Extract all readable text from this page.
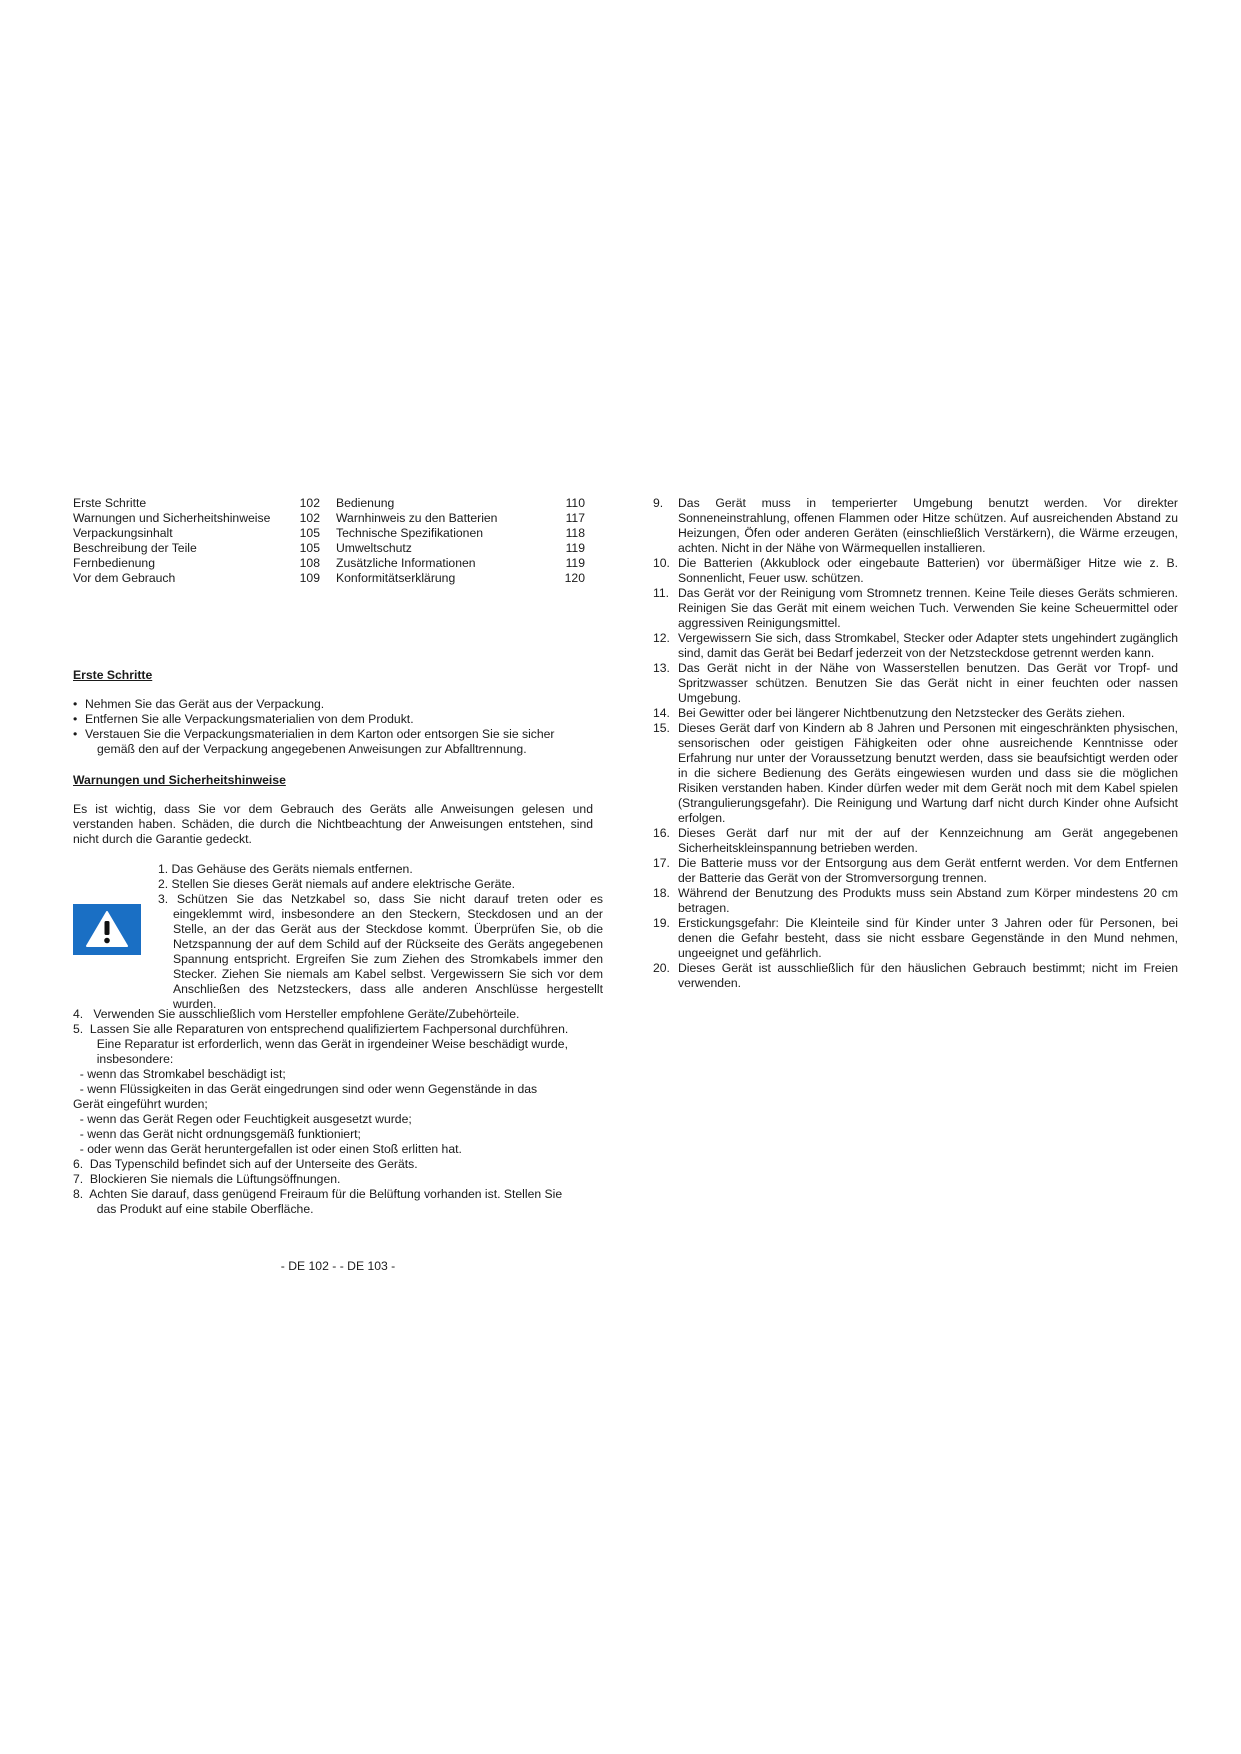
Erste Schritte	102 Bedienung	110
Warnungen und Sicherheitshinweise 102 Warnhinweis zu den Batterien	117
Verpackungsinhalt	105 Technische Spezifikationen	118
Beschreibung der Teile	105 Umweltschutz	119
Fernbedienung	108 Zusätzliche Informationen	119
Vor dem Gebrauch	109 Konformitätserklärung	120
Erste Schritte
• Nehmen Sie das Gerät aus der Verpackung.
• Entfernen Sie alle Verpackungsmaterialien von dem Produkt.
• Verstauen Sie die Verpackungsmaterialien in dem Karton oder entsorgen Sie sie sicher
gemäß den auf der Verpackung angegebenen Anweisungen zur Abfalltrennung.
Warnungen und Sicherheitshinweise

Es ist wichtig, dass Sie vor dem Gebrauch des Geräts alle Anweisungen gelesen und verstanden haben. Schäden, die durch die Nichtbeachtung der Anweisungen entstehen, sind nicht durch die Garantie gedeckt.

1. Das Gehäuse des Geräts niemals entfernen.

2. Stellen Sie dieses Gerät niemals auf andere elektrische Geräte.

3. Schützen Sie das Netzkabel so, dass Sie nicht darauf treten oder es eingeklemmt wird, insbesondere an den Steckern, Steckdosen und an der Stelle, an der das Gerät aus der Steckdose kommt. Überprüfen Sie, ob die Netzspannung der auf dem Schild auf der Rückseite des Geräts angegebenen Spannung entspricht. Ergreifen Sie zum Ziehen des Stromkabels immer den Stecker. Ziehen Sie niemals am Kabel selbst. Vergewissern Sie sich vor dem Anschließen des Netzsteckers, dass alle anderen Anschlüsse hergestellt wurden.

4.   Verwenden Sie ausschließlich vom Hersteller empfohlene Geräte/Zubehörteile.

5.  Lassen Sie alle Reparaturen von entsprechend qualifiziertem Fachpersonal durchführen.

Eine Reparatur ist erforderlich, wenn das Gerät in irgendeiner Weise beschädigt wurde,

insbesondere:

- wenn das Stromkabel beschädigt ist;

- wenn Flüssigkeiten in das Gerät eingedrungen sind oder wenn Gegenstände in das

Gerät eingeführt wurden;

- wenn das Gerät Regen oder Feuchtigkeit ausgesetzt wurde;

- wenn das Gerät nicht ordnungsgemäß funktioniert;

- oder wenn das Gerät heruntergefallen ist oder einen Stoß erlitten hat.

6.  Das Typenschild befindet sich auf der Unterseite des Geräts.

7.  Blockieren Sie niemals die Lüftungsöffnungen.

8.  Achten Sie darauf, dass genügend Freiraum für die Belüftung vorhanden ist. Stellen Sie

das Produkt auf eine stabile Oberfläche.

- DE 102 - - DE 103 -
9. Das Gerät muss in temperierter Umgebung benutzt werden. Vor direkter Sonneneinstrahlung, offenen Flammen oder Hitze schützen. Auf ausreichenden Abstand zu Heizungen, Öfen oder anderen Geräten (einschließlich Verstärkern), die Wärme erzeugen, achten. Nicht in der Nähe von Wärmequellen installieren.

10. Die Batterien (Akkublock oder eingebaute Batterien) vor übermäßiger Hitze wie z. B. Sonnenlicht, Feuer usw. schützen.

11. Das Gerät vor der Reinigung vom Stromnetz trennen. Keine Teile dieses Geräts schmieren. Reinigen Sie das Gerät mit einem weichen Tuch. Verwenden Sie keine Scheuermittel oder aggressiven Reinigungsmittel.

12. Vergewissern Sie sich, dass Stromkabel, Stecker oder Adapter stets ungehindert zugänglich sind, damit das Gerät bei Bedarf jederzeit von der Netzsteckdose getrennt werden kann.

13. Das Gerät nicht in der Nähe von Wasserstellen benutzen. Das Gerät vor Tropf- und Spritzwasser schützen. Benutzen Sie das Gerät nicht in einer feuchten oder nassen Umgebung.

14. Bei Gewitter oder bei längerer Nichtbenutzung den Netzstecker des Geräts ziehen.

15. Dieses Gerät darf von Kindern ab 8 Jahren und Personen mit eingeschränkten physischen, sensorischen oder geistigen Fähigkeiten oder ohne ausreichende Kenntnisse oder Erfahrung nur unter der Voraussetzung benutzt werden, dass sie beaufsichtigt werden oder in die sichere Bedienung des Geräts eingewiesen wurden und dass sie die möglichen Risiken verstanden haben. Kinder dürfen weder mit dem Gerät noch mit dem Kabel spielen (Strangulierungsgefahr). Die Reinigung und Wartung darf nicht durch Kinder ohne Aufsicht erfolgen.

16. Dieses Gerät darf nur mit der auf der Kennzeichnung am Gerät angegebenen Sicherheitskleinspannung betrieben werden.

17. Die Batterie muss vor der Entsorgung aus dem Gerät entfernt werden. Vor dem Entfernen der Batterie das Gerät von der Stromversorgung trennen.

18. Während der Benutzung des Produkts muss sein Abstand zum Körper mindestens 20 cm betragen.

19. Erstickungsgefahr: Die Kleinteile sind für Kinder unter 3 Jahren oder für Personen, bei denen die Gefahr besteht, dass sie nicht essbare Gegenstände in den Mund nehmen, ungeeignet und gefährlich.

20. Dieses Gerät ist ausschließlich für den häuslichen Gebrauch bestimmt; nicht im Freien verwenden.
